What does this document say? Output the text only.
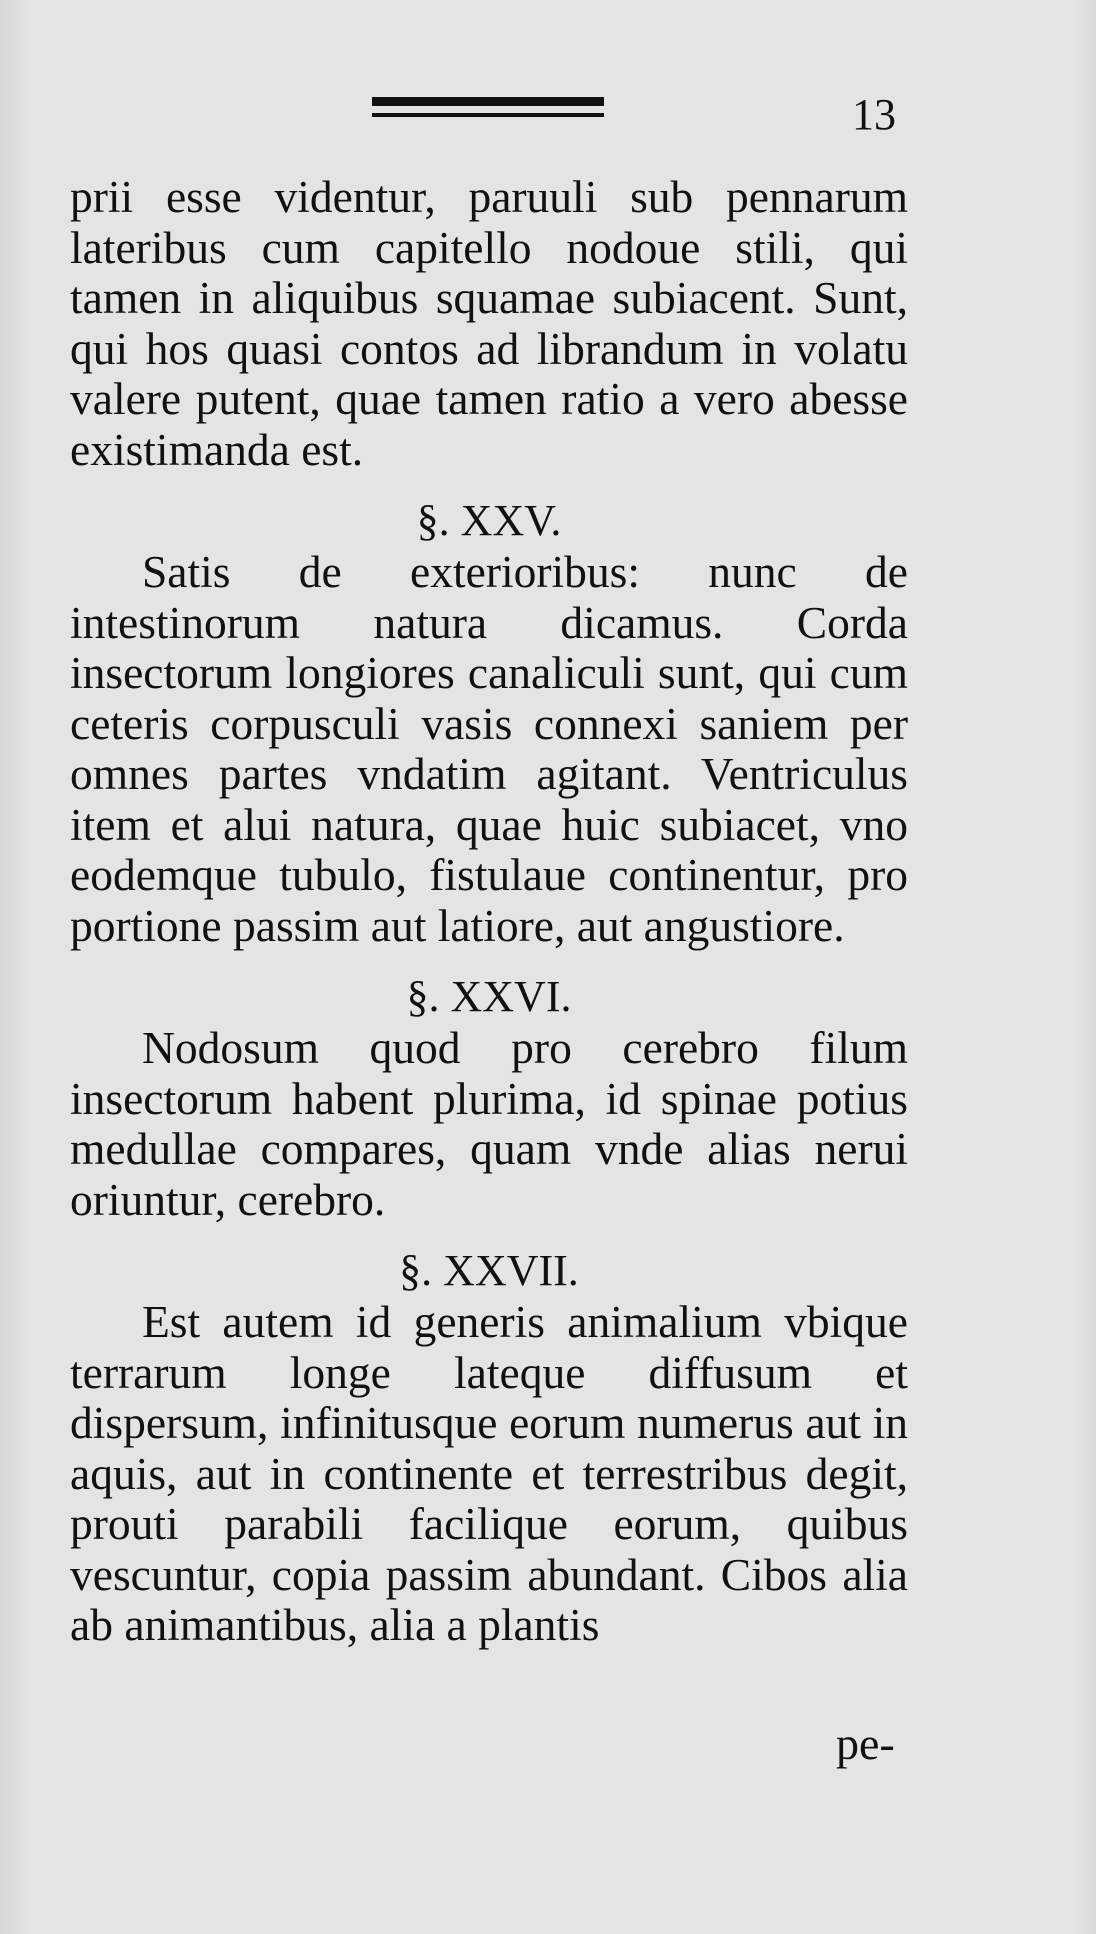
13

prii esse videntur, paruuli sub pennarum lateribus cum capitello nodoue stili, qui tamen in aliquibus squamae subiacent. Sunt, qui hos quasi contos ad librandum in volatu valere putent, quae tamen ratio a vero abesse existimanda est.

§. XXV.

Satis de exterioribus: nunc de intestinorum natura dicamus. Corda insectorum longiores canaliculi sunt, qui cum ceteris corpusculi vasis connexi saniem per omnes partes vndatim agitant. Ventriculus item et alui natura, quae huic subiacet, vno eodemque tubulo, fistulaue continentur, pro portione passim aut latiore, aut angustiore.

§. XXVI.

Nodosum quod pro cerebro filum insectorum habent plurima, id spinae potius medullae compares, quam vnde alias nerui oriuntur, cerebro.

§. XXVII.

Est autem id generis animalium vbique terrarum longe lateque diffusum et dispersum, infinitusque eorum numerus aut in aquis, aut in continente et terrestribus degit, prouti parabili facilique eorum, quibus vescuntur, copia passim abundant. Cibos alia ab animantibus, alia a plantis

pe-
